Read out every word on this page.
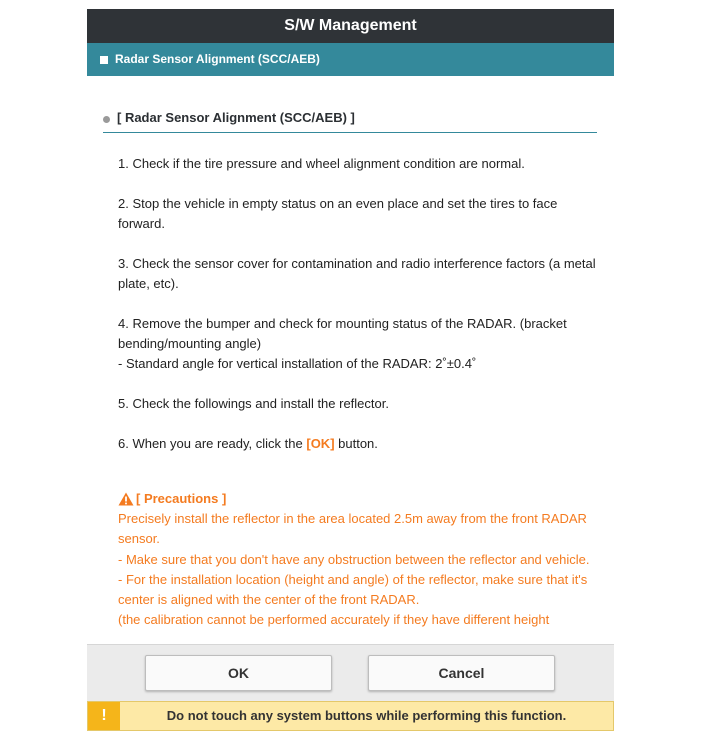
S/W Management
Radar Sensor Alignment (SCC/AEB)
[ Radar Sensor Alignment (SCC/AEB) ]

1. Check if the tire pressure and wheel alignment condition are normal.

2. Stop the vehicle in empty status on an even place and set the tires to face forward.

3. Check the sensor cover for contamination and radio interference factors (a metal plate, etc).

4. Remove the bumper and check for mounting status of the RADAR. (bracket bending/mounting angle)
- Standard angle for vertical installation of the RADAR: 2˚±0.4˚

5. Check the followings and install the reflector.

6. When you are ready, click the [OK] button.

[ Precautions ]

Precisely install the reflector in the area located 2.5m away from the front RADAR sensor.

- Make sure that you don't have any obstruction between the reflector and vehicle.

- For the installation location (height and angle) of the reflector, make sure that it's center is aligned with the center of the front RADAR.

(the calibration cannot be performed accurately if they have different height

OK	Cancel
!	Do not touch any system buttons while performing this function.
